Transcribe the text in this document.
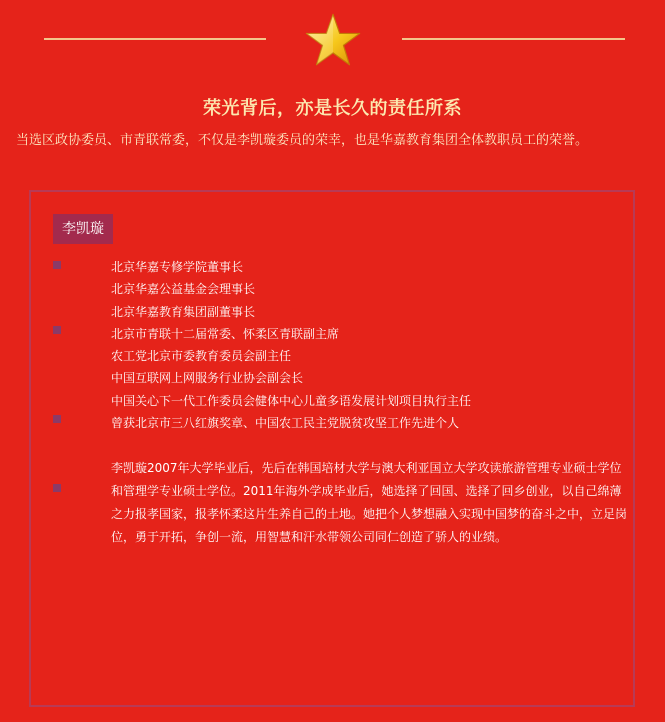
荣光背后，亦是长久的责任所系
当选区政协委员、市青联常委，不仅是李凯璇委员的荣幸，也是华嘉教育集团全体教职员工的荣誉。
李凯璇
北京华嘉专修学院董事长
北京华嘉公益基金会理事长
北京华嘉教育集团副董事长
北京市青联十二届常委、怀柔区青联副主席
农工党北京市委教育委员会副主任
中国互联网上网服务行业协会副会长
中国关心下一代工作委员会健体中心儿童多语发展计划项目执行主任
曾获北京市三八红旗奖章、中国农工民主党脱贫攻坚工作先进个人
李凯璇2007年大学毕业后，先后在韩国培材大学与澳大利亚国立大学攻读旅游管理专业硕士学位和管理学专业硕士学位。2011年海外学成毕业后，她选择了回国、选择了回乡创业，以自己绵薄之力报孝国家，报孝怀柔这片生养自己的土地。她把个人梦想融入实现中国梦的奋斗之中，立足岗位，勇于开拓，争创一流，用智慧和汗水带领公司同仁创造了骄人的业绩。
